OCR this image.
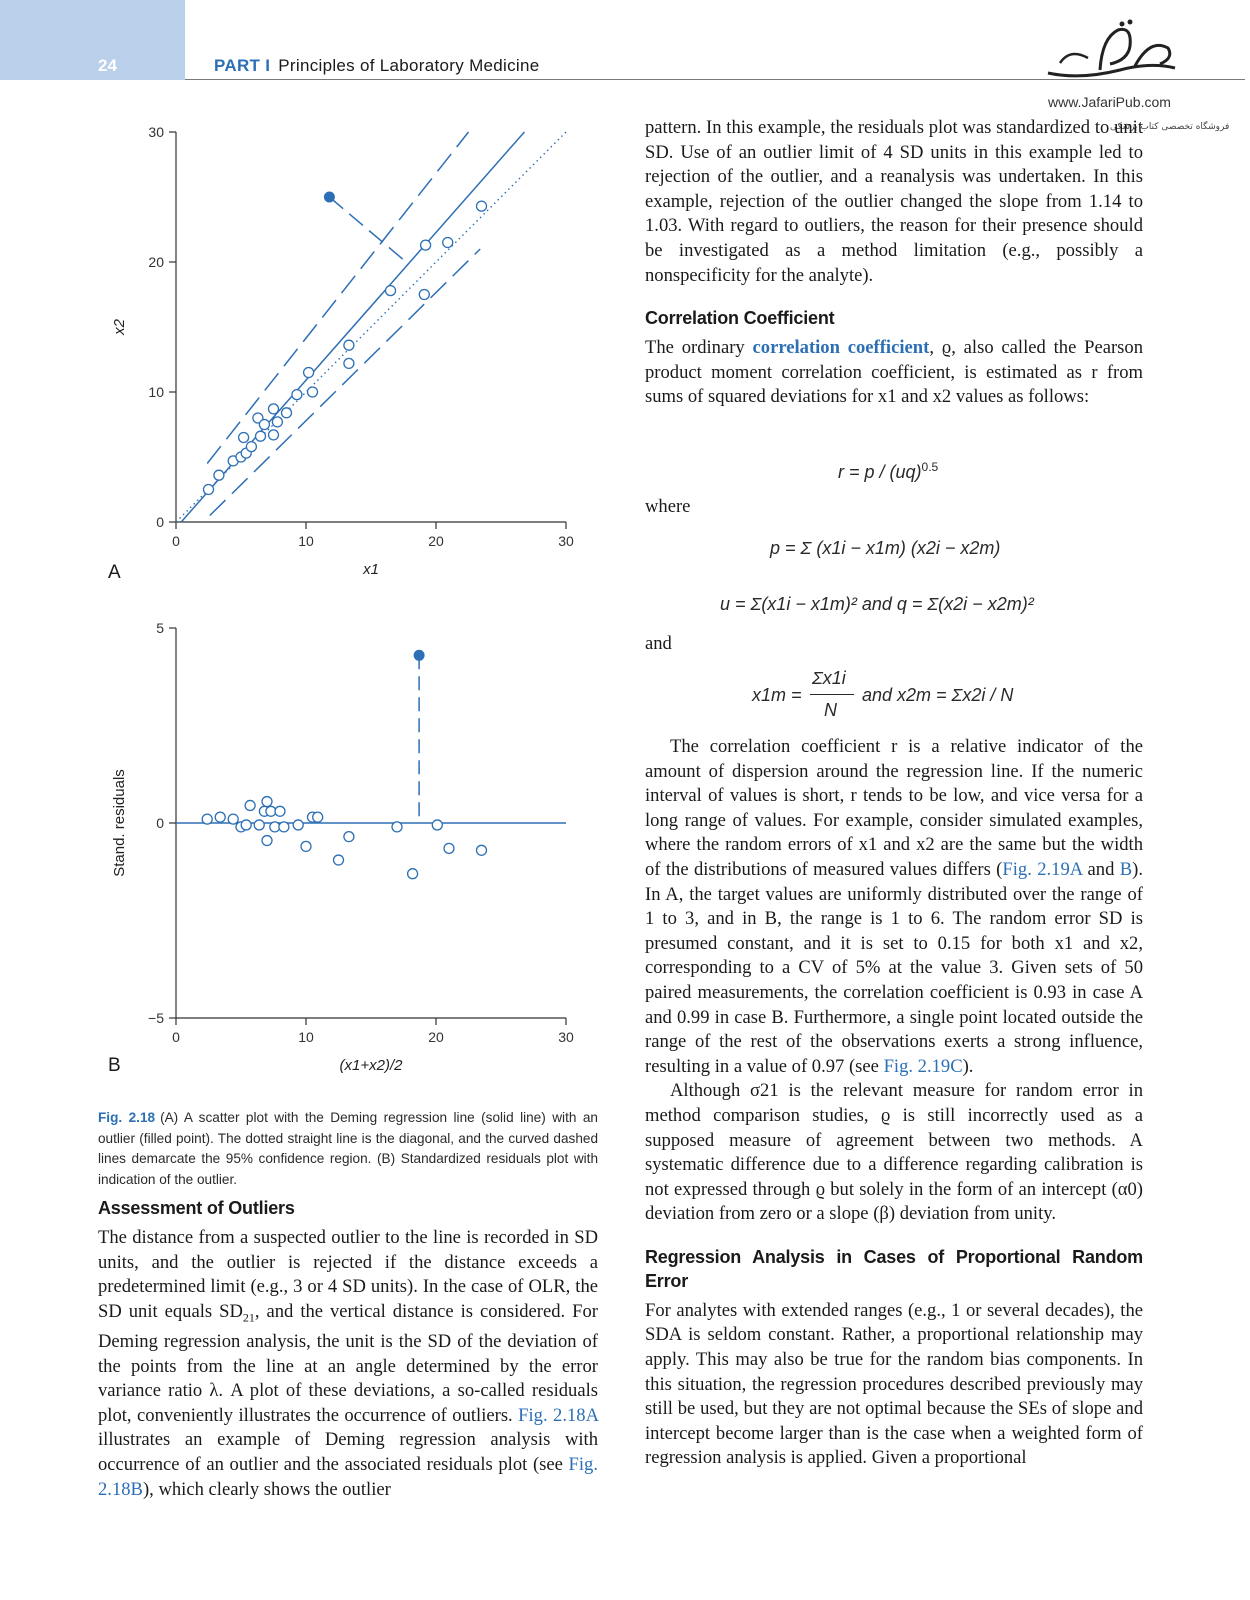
24	PART I Principles of Laboratory Medicine
www.JafariPub.com
فروشگاه تخصصی کتاب پزشکی
0	10	20	30
0
10
20
30
x1
x2
A
0	10	20	30
−5
0
5
(x1+x2)/2
Stand. residuals
B
Fig. 2.18 (A) A scatter plot with the Deming regression line (solid line) with an outlier (filled point). The dotted straight line is the diagonal, and the curved dashed lines demarcate the 95% confidence region. (B) Standardized residuals plot with indication of the outlier.
Assessment of Outliers

The distance from a suspected outlier to the line is recorded in SD units, and the outlier is rejected if the distance exceeds a predetermined limit (e.g., 3 or 4 SD units). In the case of OLR, the SD unit equals $SD_{21}$, and the vertical distance is considered. For Deming regression analysis, the unit is the SD of the deviation of the points from the line at an angle determined by the error variance ratio λ. A plot of these deviations, a so-called residuals plot, conveniently illustrates the occurrence of outliers. Fig. 2.18A illustrates an example of Deming regression analysis with occurrence of an outlier and the associated residuals plot (see Fig. 2.18B), which clearly shows the outlier

pattern. In this example, the residuals plot was standardized to unit SD. Use of an outlier limit of 4 SD units in this example led to rejection of the outlier, and a reanalysis was undertaken. In this example, rejection of the outlier changed the slope from 1.14 to 1.03. With regard to outliers, the reason for their presence should be investigated as a method limitation (e.g., possibly a nonspecificity for the analyte).

Correlation Coefficient

The ordinary correlation coefficient, ϱ, also called the Pearson product moment correlation coefficient, is estimated as r from sums of squared deviations for x1 and x2 values as follows:

r = p / (uq)$^{0.5}$
where
p = Σ (x1i − x1m) (x2i − x2m)
u = Σ(x1i − x1m)² and q = Σ(x2i − x2m)²
and
x1m =
Σx1i
N
and x2m = Σx2i / N

The correlation coefficient r is a relative indicator of the amount of dispersion around the regression line. If the numeric interval of values is short, r tends to be low, and vice versa for a long range of values. For example, consider simulated examples, where the random errors of x1 and x2 are the same but the width of the distributions of measured values differs (Fig. 2.19A and B). In A, the target values are uniformly distributed over the range of 1 to 3, and in B, the range is 1 to 6. The random error SD is presumed constant, and it is set to 0.15 for both x1 and x2, corresponding to a CV of 5% at the value 3. Given sets of 50 paired measurements, the correlation coefficient is 0.93 in case A and 0.99 in case B. Furthermore, a single point located outside the range of the rest of the observations exerts a strong influence, resulting in a value of 0.97 (see Fig. 2.19C).

Although σ21 is the relevant measure for random error in method comparison studies, ϱ is still incorrectly used as a supposed measure of agreement between two methods. A systematic difference due to a difference regarding calibration is not expressed through ϱ but solely in the form of an intercept (α0) deviation from zero or a slope (β) deviation from unity.

Regression Analysis in Cases of Proportional Random Error

For analytes with extended ranges (e.g., 1 or several decades), the SDA is seldom constant. Rather, a proportional relationship may apply. This may also be true for the random bias components. In this situation, the regression procedures described previously may still be used, but they are not optimal because the SEs of slope and intercept become larger than is the case when a weighted form of regression analysis is applied. Given a proportional
